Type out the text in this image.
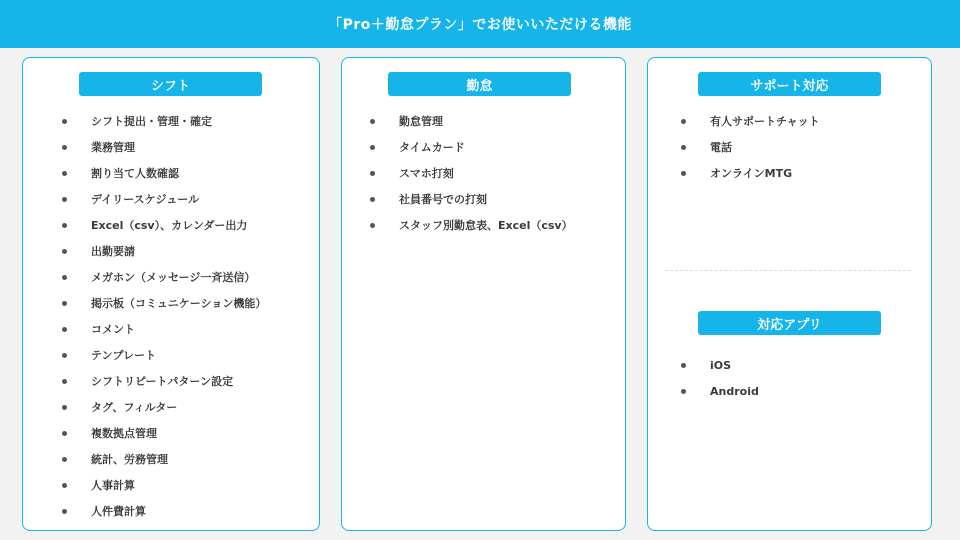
「Pro＋勤怠プラン」でお使いいただける機能
シフト
シフト提出・管理・確定
業務管理
割り当て人数確認
デイリースケジュール
Excel（csv）、カレンダー出力
出勤要請
メガホン（メッセージ一斉送信）
掲示板（コミュニケーション機能）
コメント
テンプレート
シフトリピートパターン設定
タグ、フィルター
複数拠点管理
統計、労務管理
人事計算
人件費計算
勤怠
勤怠管理
タイムカード
スマホ打刻
社員番号での打刻
スタッフ別勤怠表、Excel（csv）
サポート対応
有人サポートチャット
電話
オンラインMTG
対応アプリ
iOS
Android
